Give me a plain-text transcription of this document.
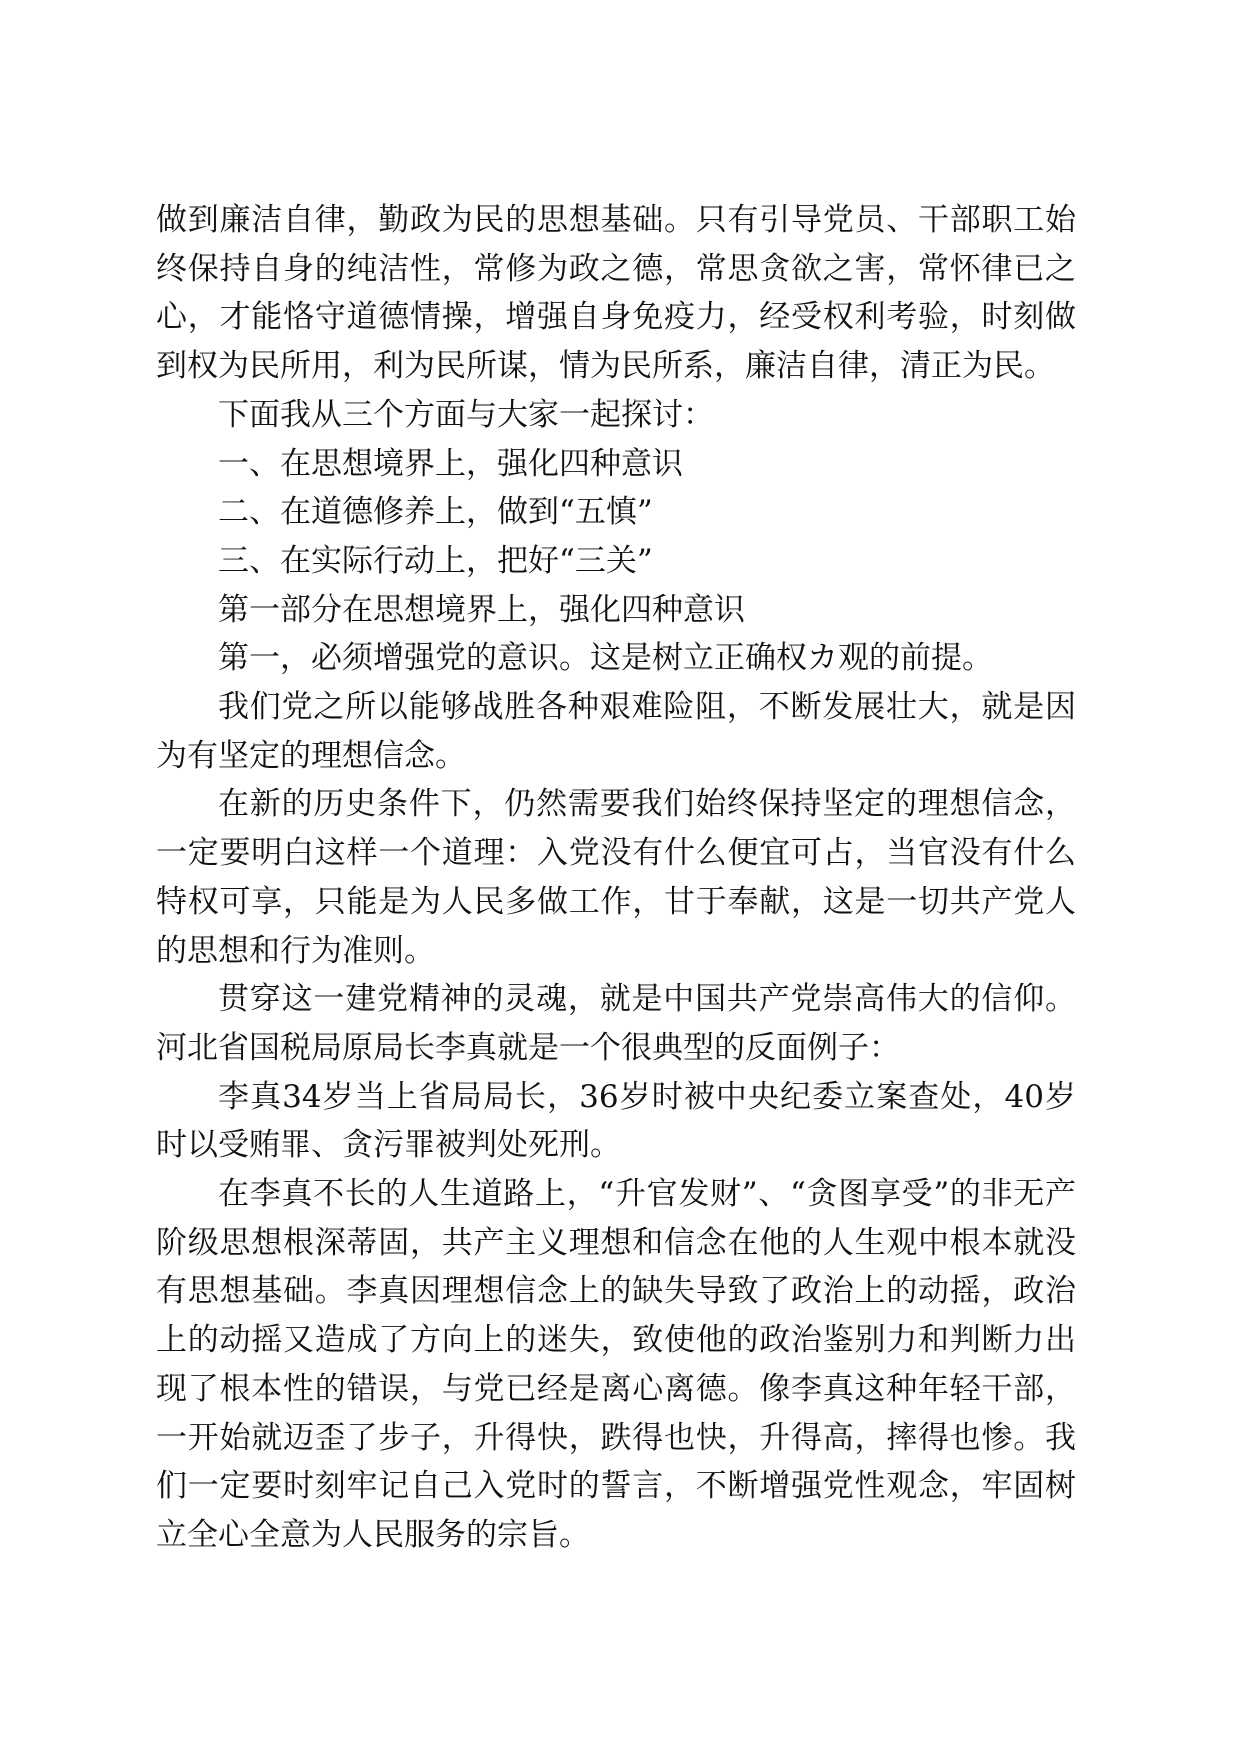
做到廉洁自律，勤政为民的思想基础。只有引导党员、干部职工始终保持自身的纯洁性，常修为政之德，常思贪欲之害，常怀律已之心，才能恪守道德情操，增强自身免疫力，经受权利考验，时刻做到权为民所用，利为民所谋，情为民所系，廉洁自律，清正为民。

下面我从三个方面与大家一起探讨：

一、在思想境界上，强化四种意识

二、在道德修养上，做到“五慎”

三、在实际行动上，把好“三关”

第一部分在思想境界上，强化四种意识

第一，必须增强党的意识。这是树立正确权カ观的前提。

我们党之所以能够战胜各种艰难险阻，不断发展壮大，就是因为有坚定的理想信念。

在新的历史条件下，仍然需要我们始终保持坚定的理想信念，一定要明白这样一个道理：入党没有什么便宜可占，当官没有什么特权可享，只能是为人民多做工作，甘于奉献，这是一切共产党人的思想和行为准则。

贯穿这一建党精神的灵魂，就是中国共产党崇高伟大的信仰。河北省国税局原局长李真就是一个很典型的反面例子：

李真34岁当上省局局长，36岁时被中央纪委立案查处，40岁时以受贿罪、贪污罪被判处死刑。

在李真不长的人生道路上，“升官发财”、“贪图享受”的非无产阶级思想根深蒂固，共产主义理想和信念在他的人生观中根本就没有思想基础。李真因理想信念上的缺失导致了政治上的动摇，政治上的动摇又造成了方向上的迷失，致使他的政治鉴别力和判断力出现了根本性的错误，与党已经是离心离德。像李真这种年轻干部，一开始就迈歪了步子，升得快，跌得也快，升得高，摔得也惨。我们一定要时刻牢记自己入党时的誓言，不断增强党性观念，牢固树立全心全意为人民服务的宗旨。
